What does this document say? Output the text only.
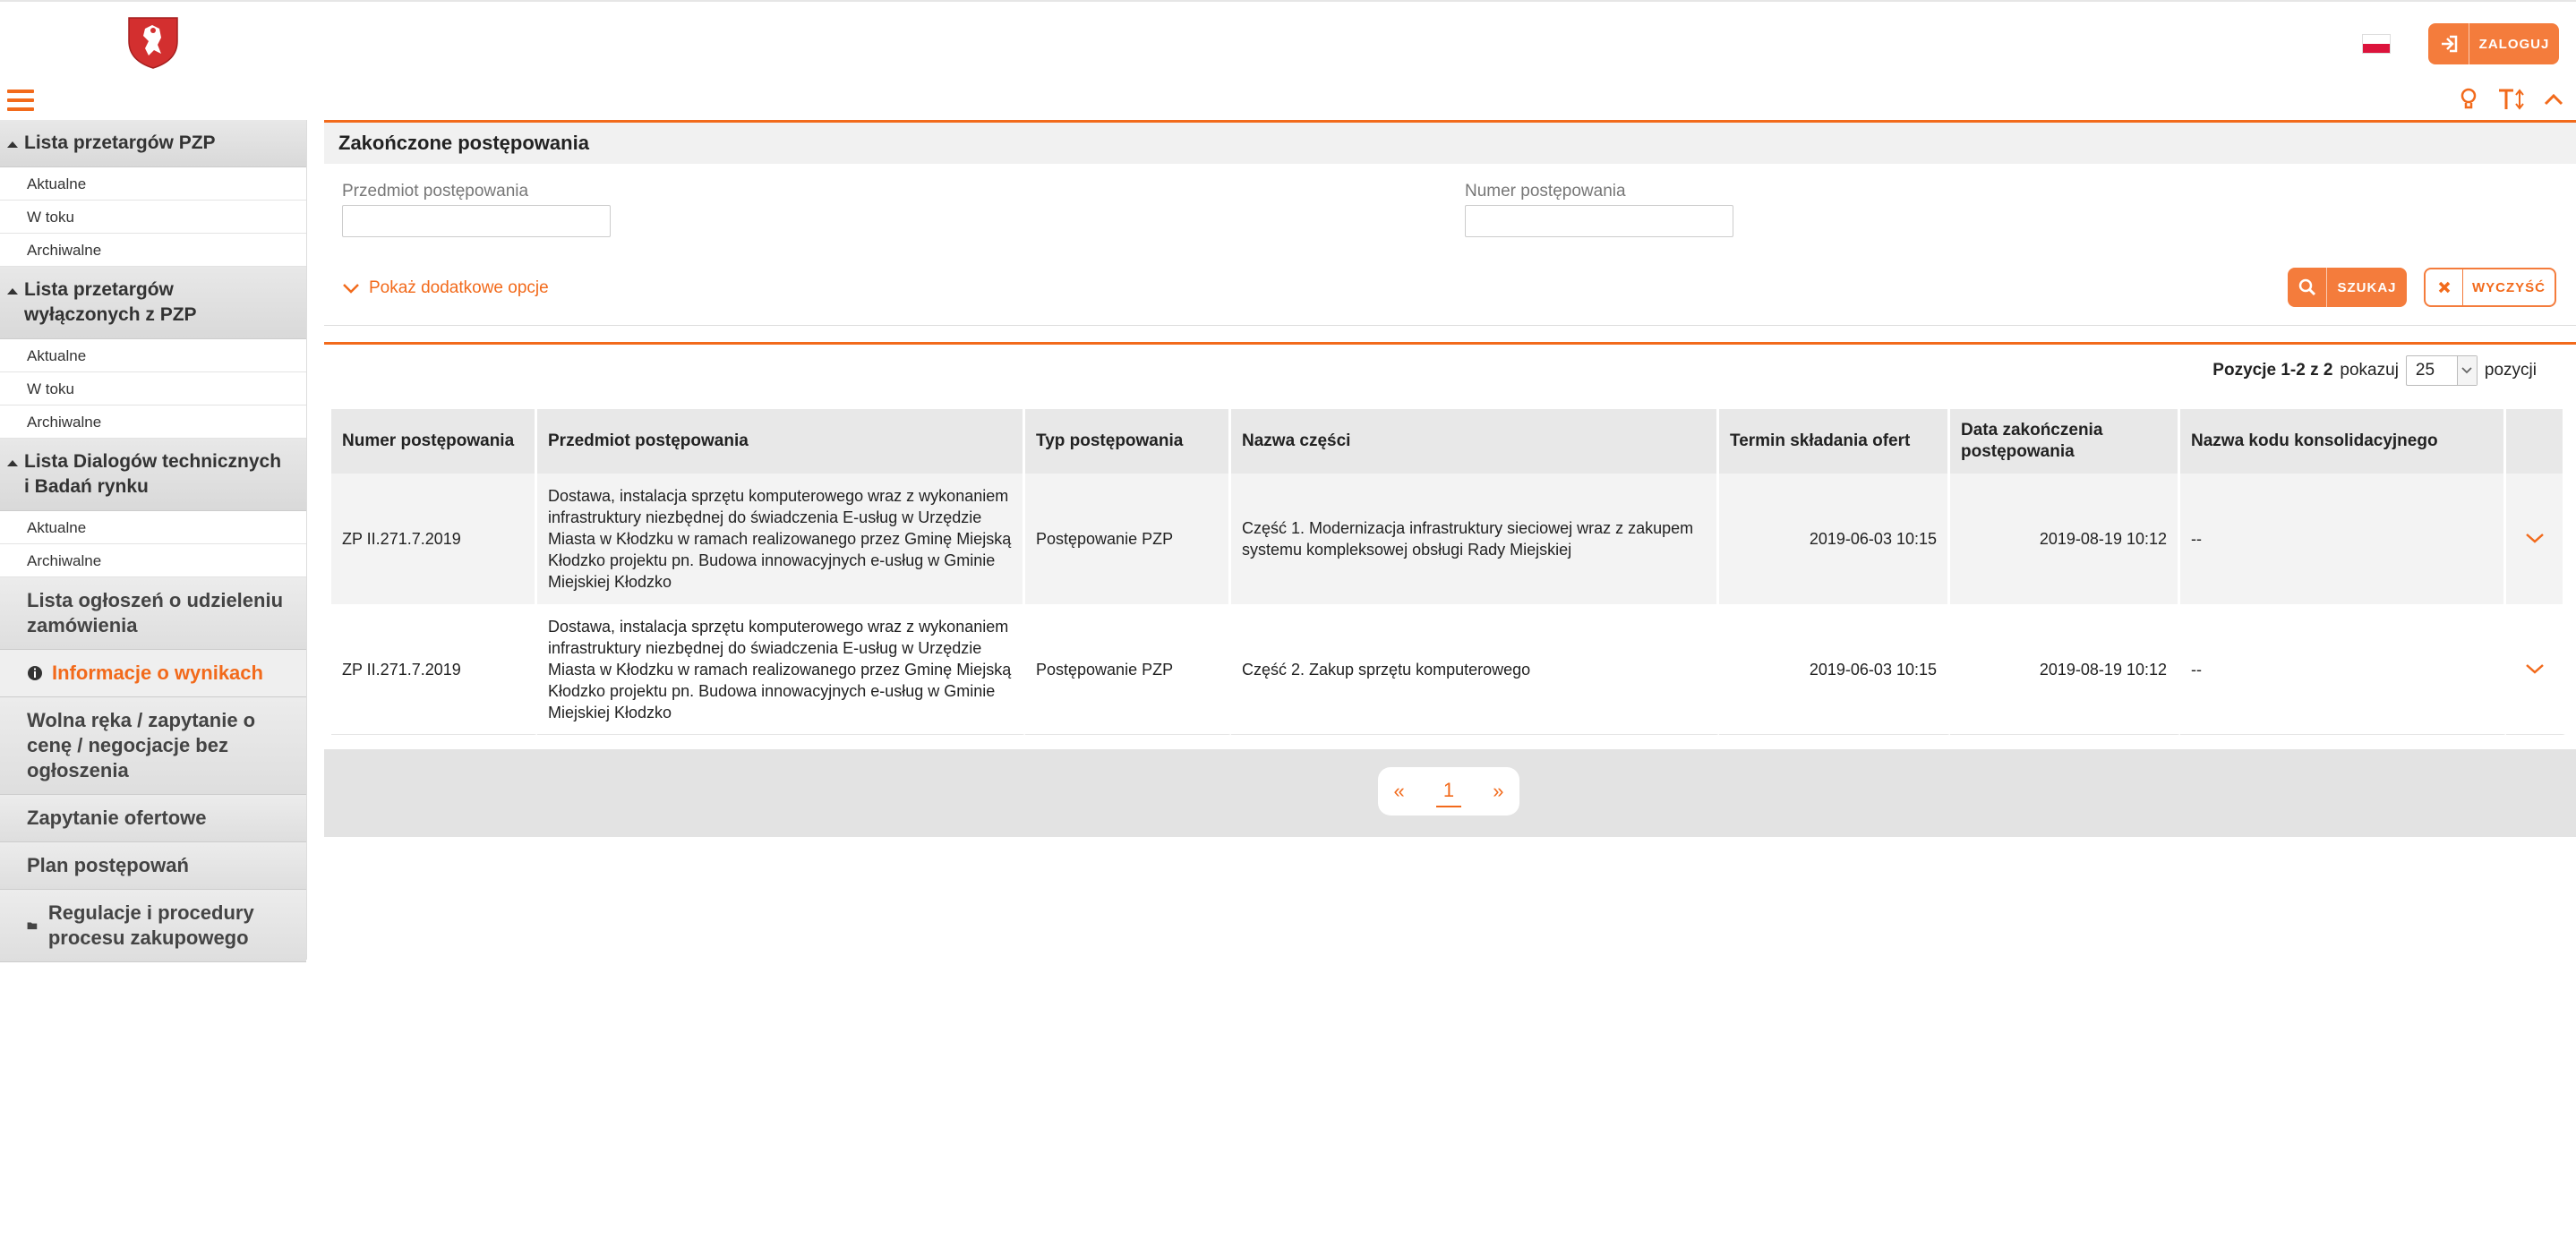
ZALOGUJ
Lista przetargów PZP
Aktualne
W toku
Archiwalne
Lista przetargów wyłączonych z PZP
Aktualne
W toku
Archiwalne
Lista Dialogów technicznych i Badań rynku
Aktualne
Archiwalne
Lista ogłoszeń o udzieleniu zamówienia
Informacje o wynikach
Wolna ręka / zapytanie o cenę / negocjacje bez ogłoszenia
Zapytanie ofertowe
Plan postępowań
Regulacje i procedury procesu zakupowego
Zakończone postępowania
Przedmiot postępowania	Numer postępowania
Pokaż dodatkowe opcje	SZUKAJ	WYCZYŚĆ
Pozycje 1-2 z 2 pokazuj 25	pozycji
Numer postępowania	Przedmiot postępowania	Typ postępowania	Nazwa części	Termin składania ofert	Data zakończenia postępowania	Nazwa kodu konsolidacyjnego	
ZP II.271.7.2019	Dostawa, instalacja sprzętu komputerowego wraz z wykonaniem infrastruktury niezbędnej do świadczenia E-usług w Urzędzie Miasta w Kłodzku w ramach realizowanego przez Gminę Miejską Kłodzko projektu pn. Budowa innowacyjnych e-usług w Gminie Miejskiej Kłodzko	Postępowanie PZP	Część 1. Modernizacja infrastruktury sieciowej wraz z zakupem systemu kompleksowej obsługi Rady Miejskiej	2019-06-03 10:15	2019-08-19 10:12	--	
ZP II.271.7.2019	Dostawa, instalacja sprzętu komputerowego wraz z wykonaniem infrastruktury niezbędnej do świadczenia E-usług w Urzędzie Miasta w Kłodzku w ramach realizowanego przez Gminę Miejską Kłodzko projektu pn. Budowa innowacyjnych e-usług w Gminie Miejskiej Kłodzko	Postępowanie PZP	Część 2. Zakup sprzętu komputerowego	2019-06-03 10:15	2019-08-19 10:12	--	
«	1	»
